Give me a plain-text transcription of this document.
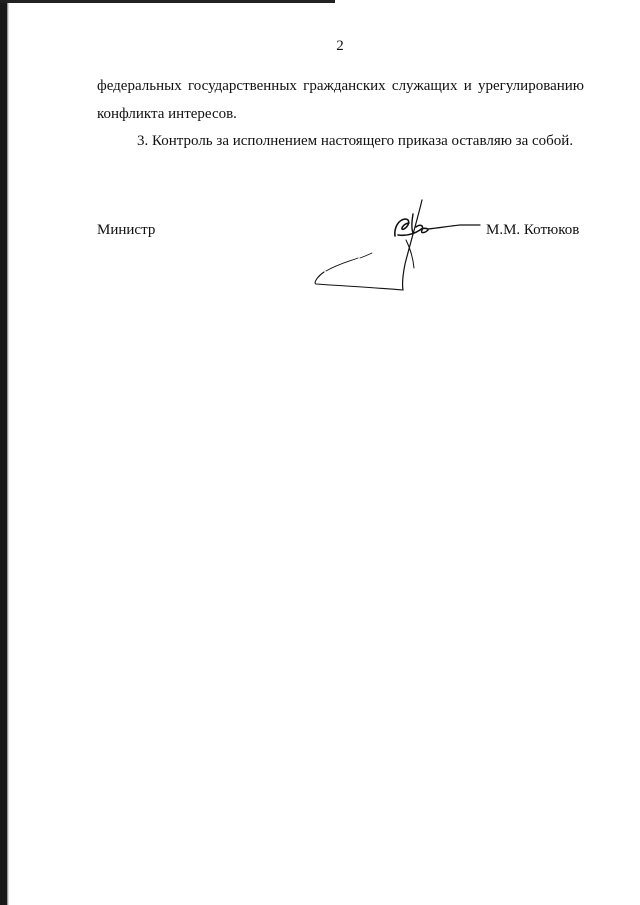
2
федеральных государственных гражданских служащих и урегулированию
конфликта интересов.
3. Контроль за исполнением настоящего приказа оставляю за собой.
Министр	М.М. Котюков
